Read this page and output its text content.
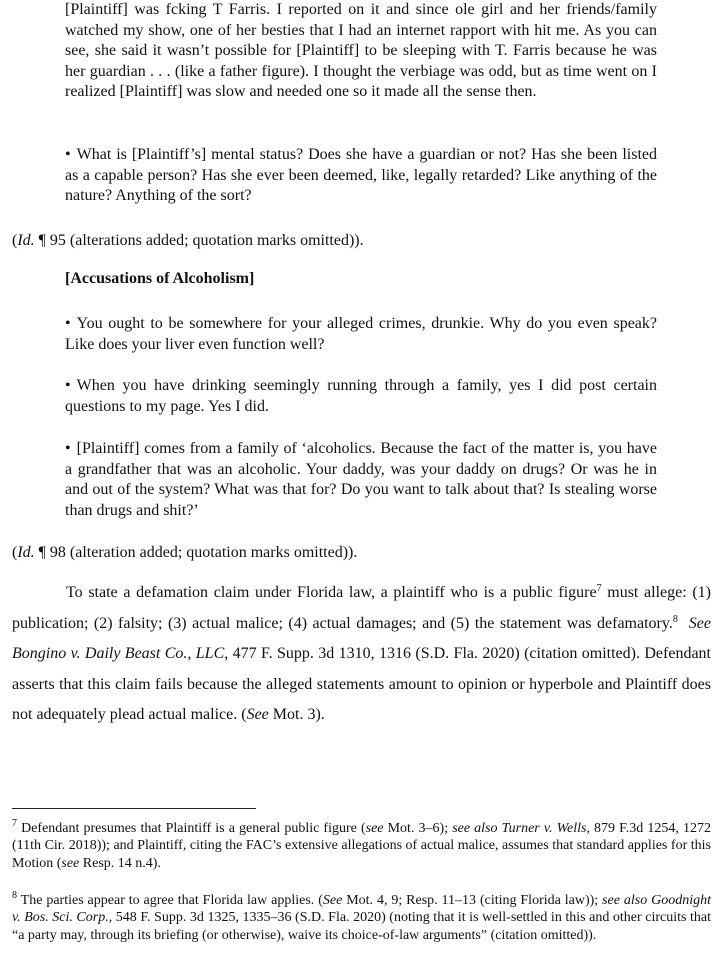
[Plaintiff] was fcking T Farris. I reported on it and since ole girl and her friends/family watched my show, one of her besties that I had an internet rapport with hit me. As you can see, she said it wasn’t possible for [Plaintiff] to be sleeping with T. Farris because he was her guardian . . . (like a father figure). I thought the verbiage was odd, but as time went on I realized [Plaintiff] was slow and needed one so it made all the sense then.
• What is [Plaintiff’s] mental status? Does she have a guardian or not? Has she been listed as a capable person? Has she ever been deemed, like, legally retarded? Like anything of the nature? Anything of the sort?
(Id. ¶ 95 (alterations added; quotation marks omitted)).
[Accusations of Alcoholism]
• You ought to be somewhere for your alleged crimes, drunkie. Why do you even speak? Like does your liver even function well?
• When you have drinking seemingly running through a family, yes I did post certain questions to my page. Yes I did.
• [Plaintiff] comes from a family of ‘alcoholics. Because the fact of the matter is, you have a grandfather that was an alcoholic. Your daddy, was your daddy on drugs? Or was he in and out of the system? What was that for? Do you want to talk about that? Is stealing worse than drugs and shit?’
(Id. ¶ 98 (alteration added; quotation marks omitted)).
To state a defamation claim under Florida law, a plaintiff who is a public figure$^7$ must allege: (1) publication; (2) falsity; (3) actual malice; (4) actual damages; and (5) the statement was defamatory.$^8$ See Bongino v. Daily Beast Co., LLC, 477 F. Supp. 3d 1310, 1316 (S.D. Fla. 2020) (citation omitted). Defendant asserts that this claim fails because the alleged statements amount to opinion or hyperbole and Plaintiff does not adequately plead actual malice. (See Mot. 3).
$^7$ Defendant presumes that Plaintiff is a general public figure (see Mot. 3–6); see also Turner v. Wells, 879 F.3d 1254, 1272 (11th Cir. 2018)); and Plaintiff, citing the FAC’s extensive allegations of actual malice, assumes that standard applies for this Motion (see Resp. 14 n.4).
$^8$ The parties appear to agree that Florida law applies. (See Mot. 4, 9; Resp. 11–13 (citing Florida law)); see also Goodnight v. Bos. Sci. Corp., 548 F. Supp. 3d 1325, 1335–36 (S.D. Fla. 2020) (noting that it is well-settled in this and other circuits that “a party may, through its briefing (or otherwise), waive its choice-of-law arguments” (citation omitted)).
